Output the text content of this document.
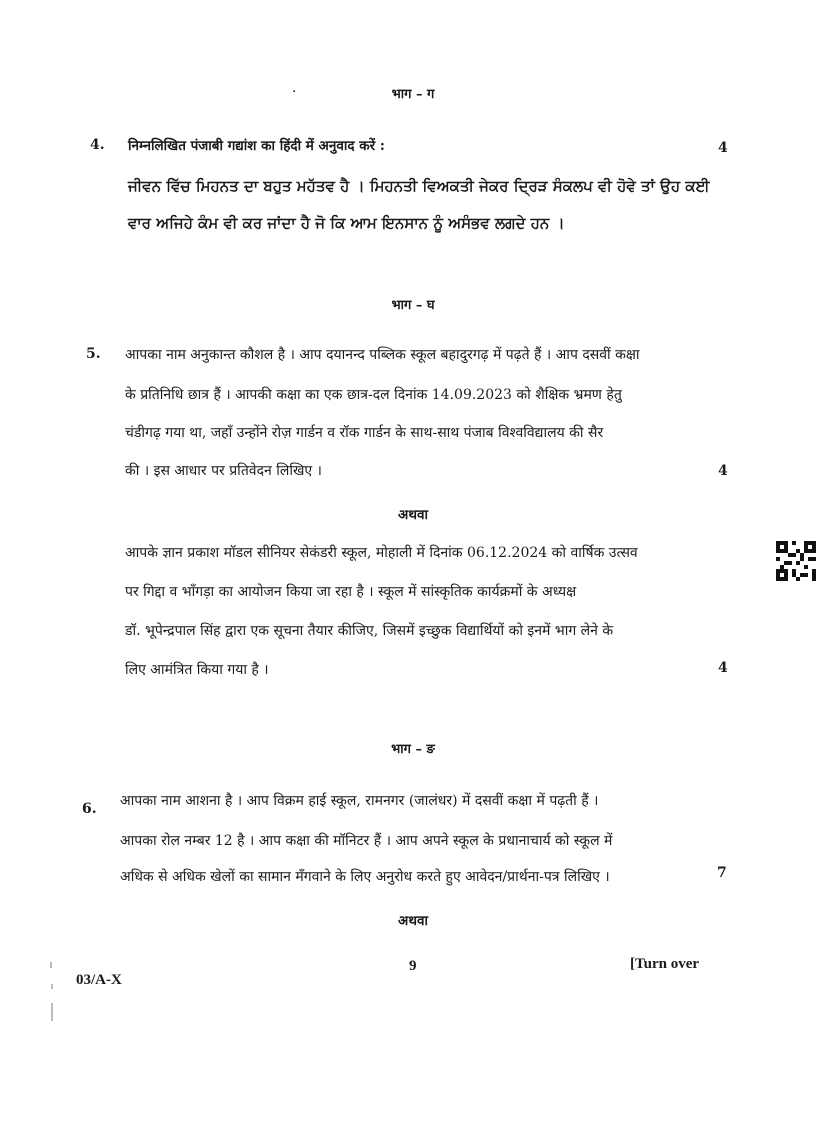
·	भाग – ग
4. निम्नलिखित पंजाबी गद्यांश का हिंदी में अनुवाद करें :	4
ਜੀਵਨ ਵਿੱਚ ਮਿਹਨਤ ਦਾ ਬਹੁਤ ਮਹੱਤਵ ਹੈ । ਮਿਹਨਤੀ ਵਿਅਕਤੀ ਜੇਕਰ ਦ੍ਰਿੜ ਸੰਕਲਪ ਵੀ ਹੋਵੇ ਤਾਂ ਉਹ ਕਈ
ਵਾਰ ਅਜਿਹੇ ਕੰਮ ਵੀ ਕਰ ਜਾਂਦਾ ਹੈ ਜੋ ਕਿ ਆਮ ਇਨਸਾਨ ਨੂੰ ਅਸੰਭਵ ਲਗਦੇ ਹਨ ।
भाग – घ
5. आपका नाम अनुकान्त कौशल है । आप दयानन्द पब्लिक स्कूल बहादुरगढ़ में पढ़ते हैं । आप दसवीं कक्षा
के प्रतिनिधि छात्र हैं । आपकी कक्षा का एक छात्र-दल दिनांक 14.09.2023 को शैक्षिक भ्रमण हेतु
चंडीगढ़ गया था, जहाँ उन्होंने रोज़ गार्डन व रॉक गार्डन के साथ-साथ पंजाब विश्वविद्यालय की सैर
की । इस आधार पर प्रतिवेदन लिखिए ।	4
अथवा
आपके ज्ञान प्रकाश मॉडल सीनियर सेकंडरी स्कूल, मोहाली में दिनांक 06.12.2024 को वार्षिक उत्सव
पर गिद्दा व भाँगड़ा का आयोजन किया जा रहा है । स्कूल में सांस्कृतिक कार्यक्रमों के अध्यक्ष
डॉ. भूपेन्द्रपाल सिंह द्वारा एक सूचना तैयार कीजिए, जिसमें इच्छुक विद्यार्थियों को इनमें भाग लेने के
लिए आमंत्रित किया गया है ।	4
भाग – ङ
6. आपका नाम आशना है । आप विक्रम हाई स्कूल, रामनगर (जालंधर) में दसवीं कक्षा में पढ़ती हैं ।
आपका रोल नम्बर 12 है । आप कक्षा की मॉनिटर हैं । आप अपने स्कूल के प्रधानाचार्य को स्कूल में
अधिक से अधिक खेलों का सामान मँगवाने के लिए अनुरोध करते हुए आवेदन/प्रार्थना-पत्र लिखिए ।	7
अथवा
9	[Turn over
03/A-X
